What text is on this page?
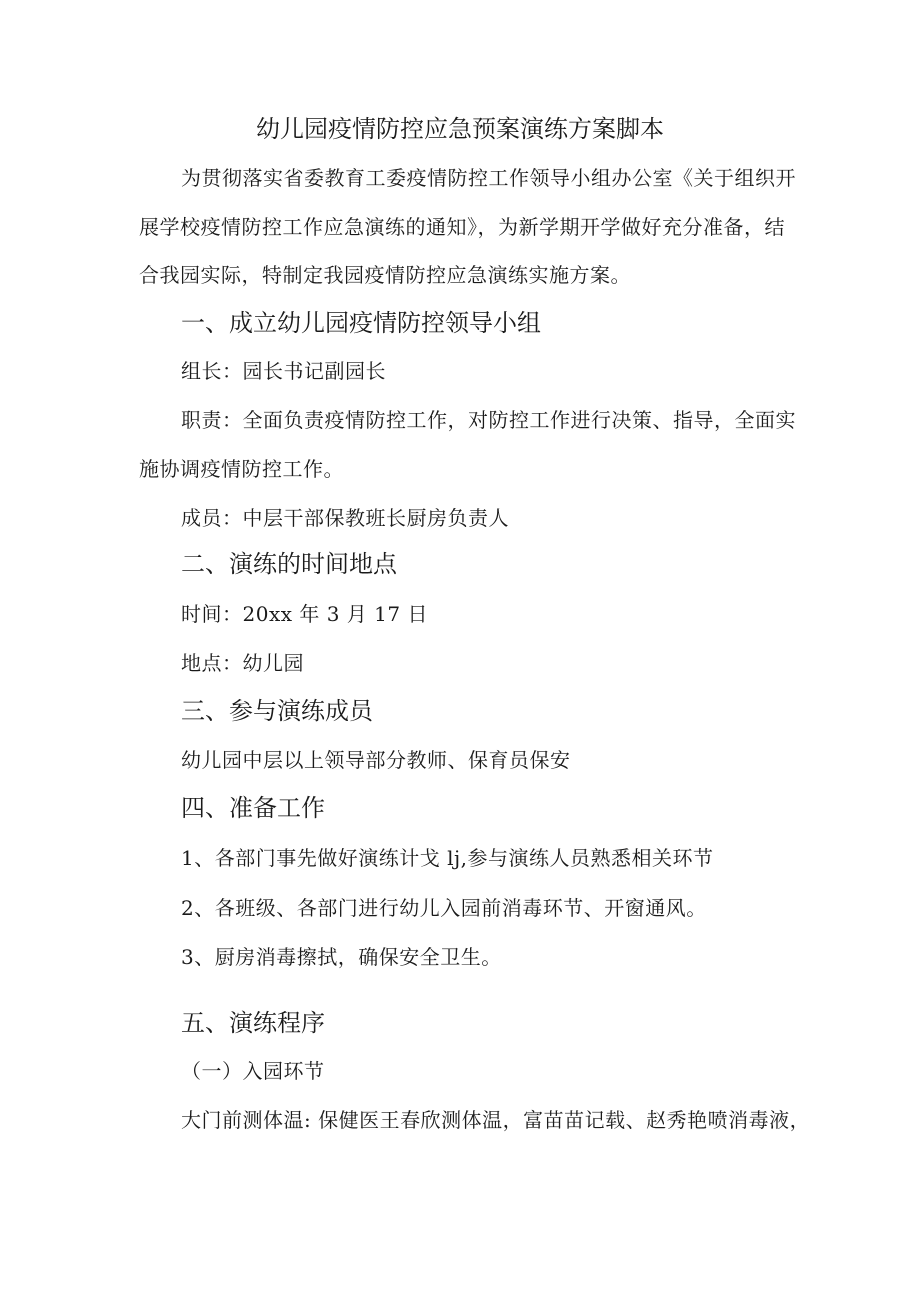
幼儿园疫情防控应急预案演练方案脚本
为贯彻落实省委教育工委疫情防控工作领导小组办公室《关于组织开
展学校疫情防控工作应急演练的通知》，为新学期开学做好充分准备，结
合我园实际，特制定我园疫情防控应急演练实施方案。
一、成立幼儿园疫情防控领导小组
组长：园长书记副园长
职责：全面负责疫情防控工作，对防控工作进行决策、指导，全面实
施协调疫情防控工作。
成员：中层干部保教班长厨房负责人
二、演练的时间地点
时间：20xx 年 3 月 17 日
地点：幼儿园
三、参与演练成员
幼儿园中层以上领导部分教师、保育员保安
四、准备工作
1、各部门事先做好演练计戈 lj,参与演练人员熟悉相关环节
2、各班级、各部门进行幼儿入园前消毒环节、开窗通风。
3、厨房消毒擦拭，确保安全卫生。
五、演练程序
（一）入园环节
大门前测体温: 保健医王春欣测体温，富苗苗记载、赵秀艳喷消毒液，
